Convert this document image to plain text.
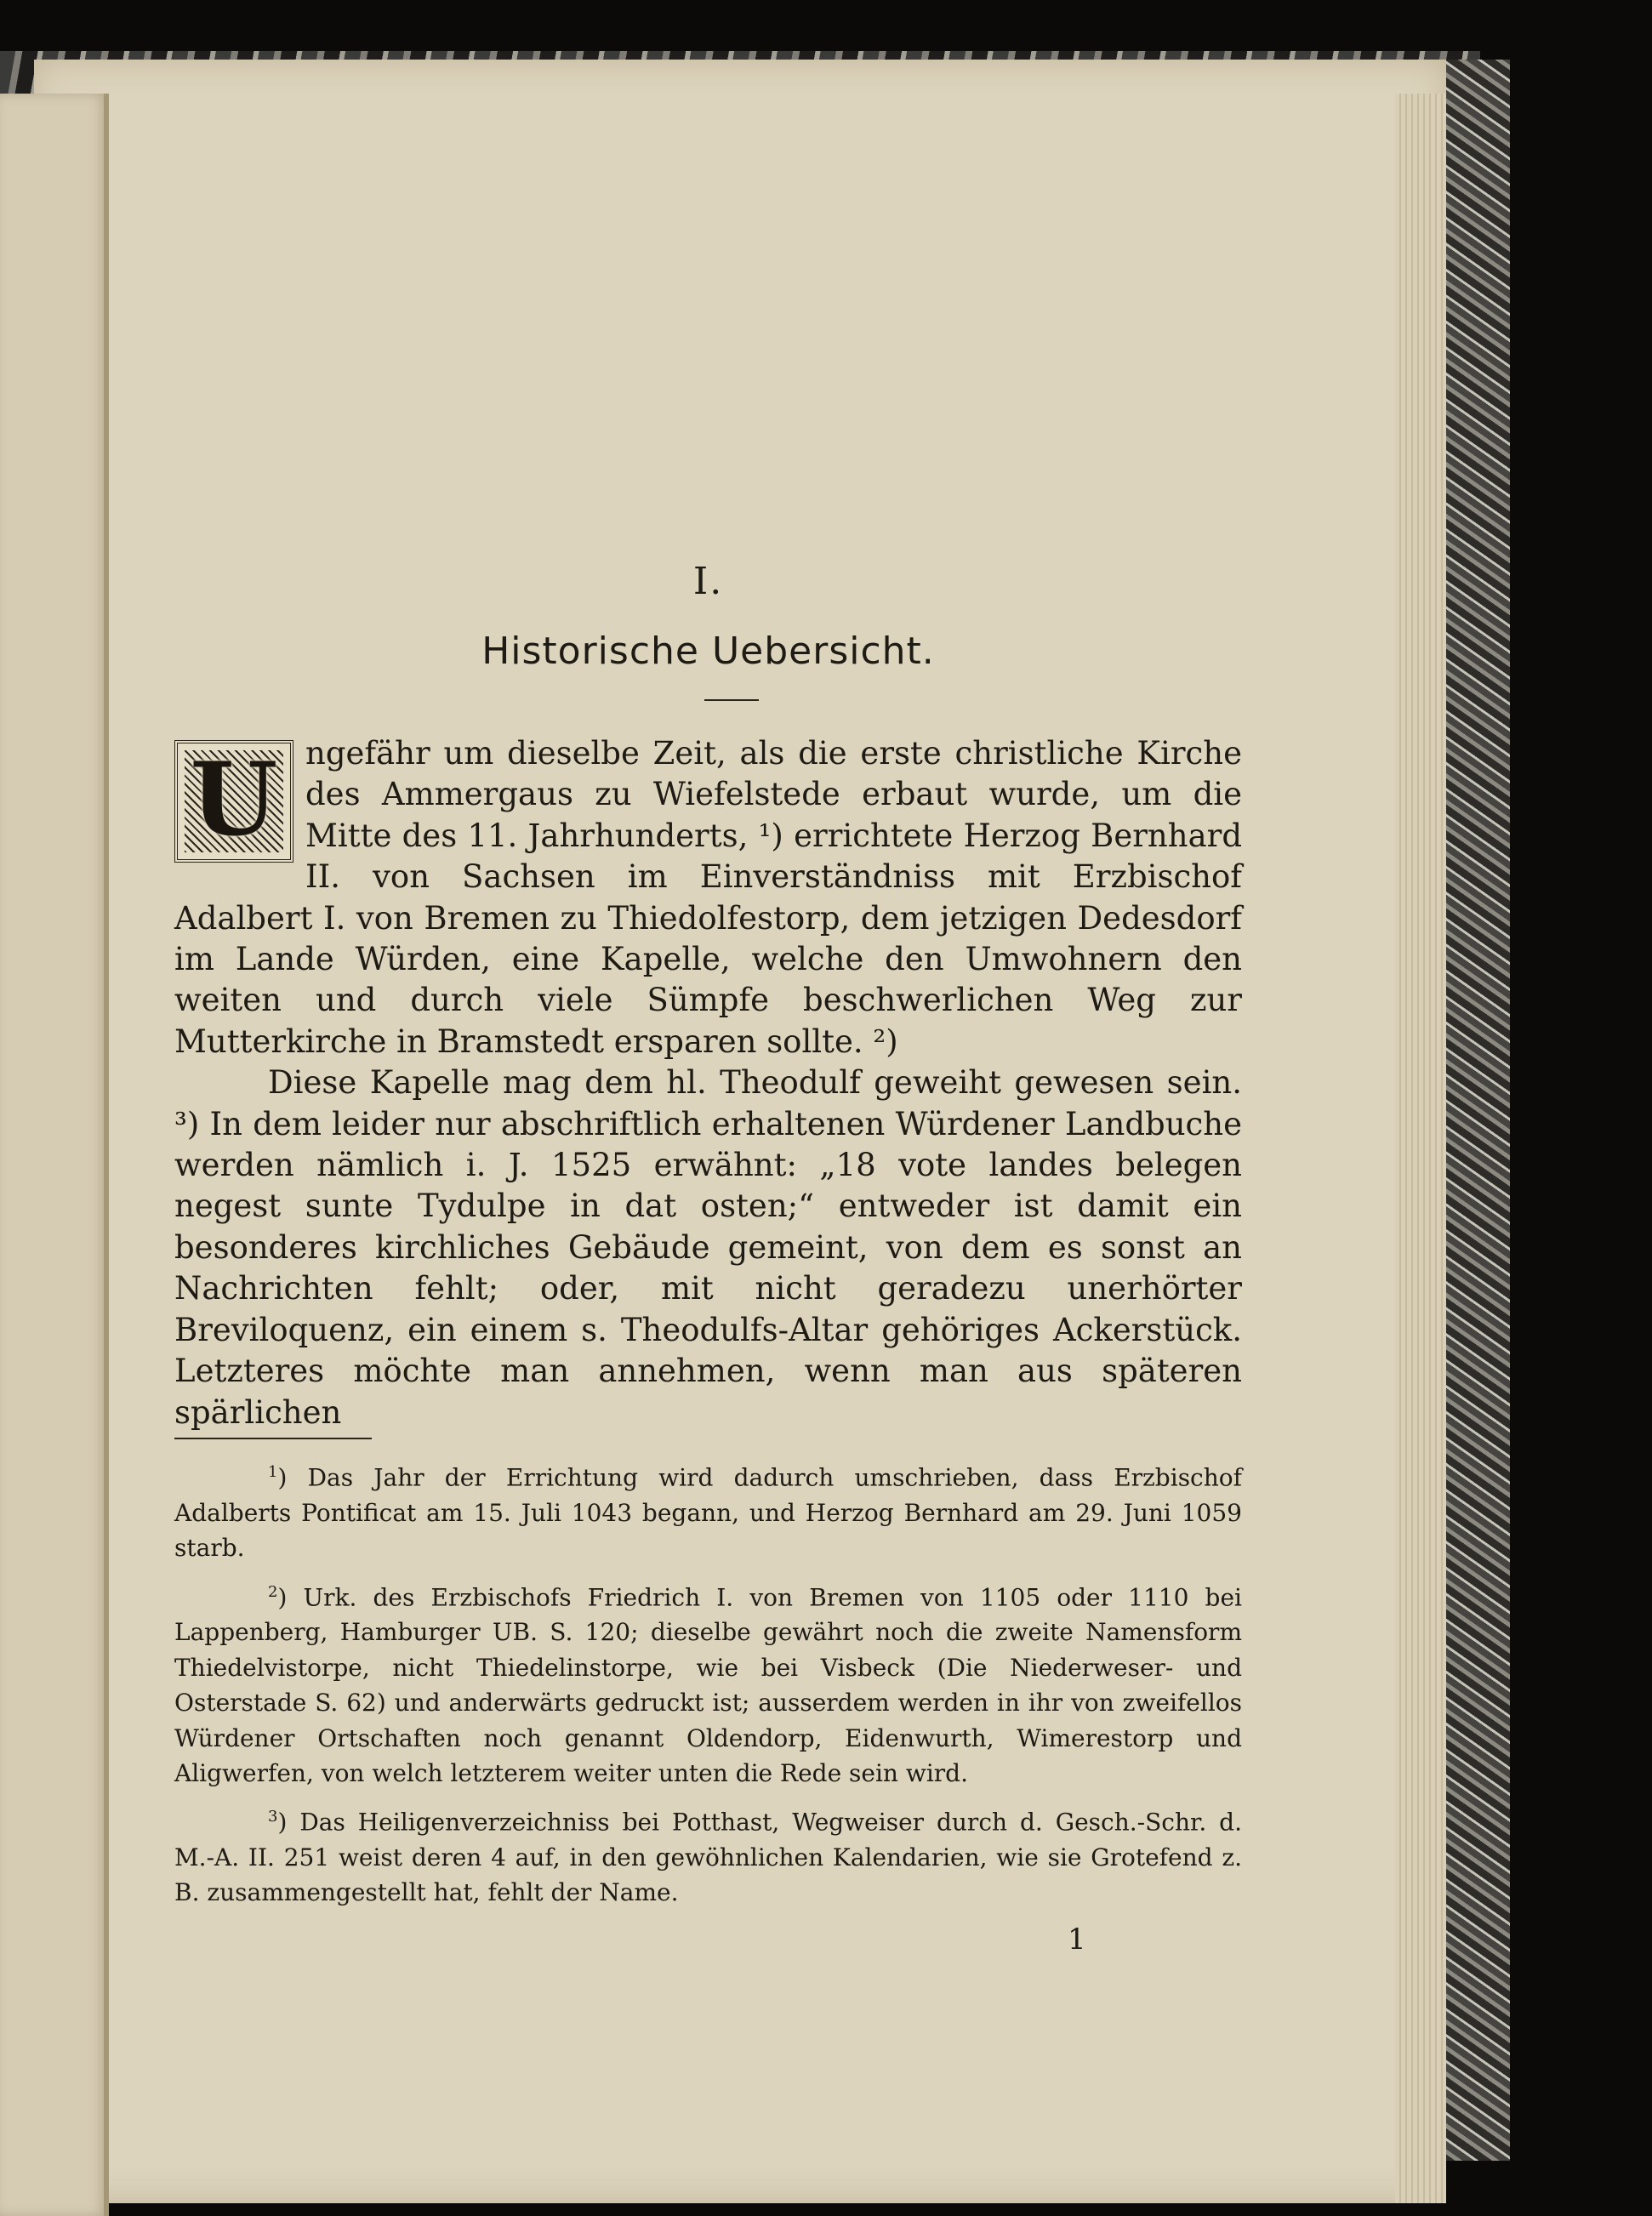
I.
Historische Uebersicht.

U ngefähr um dieselbe Zeit, als die erste christliche Kirche des Ammergaus zu Wiefelstede erbaut wurde, um die Mitte des 11. Jahrhunderts, ¹) errichtete Herzog Bernhard II. von Sachsen im Einverständniss mit Erzbischof Adalbert I. von Bremen zu Thiedolfestorp, dem jetzigen Dedesdorf im Lande Würden, eine Kapelle, welche den Umwohnern den weiten und durch viele Sümpfe beschwerlichen Weg zur Mutterkirche in Bramstedt ersparen sollte. ²)

Diese Kapelle mag dem hl. Theodulf geweiht gewesen sein. ³) In dem leider nur abschriftlich erhaltenen Würdener Landbuche werden nämlich i. J. 1525 erwähnt: „18 vote landes belegen negest sunte Tydulpe in dat osten;“ entweder ist damit ein besonderes kirchliches Gebäude gemeint, von dem es sonst an Nachrichten fehlt; oder, mit nicht geradezu unerhörter Breviloquenz, ein einem s. Theodulfs-Altar gehöriges Ackerstück. Letzteres möchte man annehmen, wenn man aus späteren spärlichen

$^1$) Das Jahr der Errichtung wird dadurch umschrieben, dass Erzbischof Adalberts Pontificat am 15. Juli 1043 begann, und Herzog Bernhard am 29. Juni 1059 starb.

$^2$) Urk. des Erzbischofs Friedrich I. von Bremen von 1105 oder 1110 bei Lappenberg, Hamburger UB. S. 120; dieselbe gewährt noch die zweite Namensform Thiedelvistorpe, nicht Thiedelinstorpe, wie bei Visbeck (Die Niederweser- und Osterstade S. 62) und anderwärts gedruckt ist; ausserdem werden in ihr von zweifellos Würdener Ortschaften noch genannt Oldendorp, Eidenwurth, Wimerestorp und Aligwerfen, von welch letzterem weiter unten die Rede sein wird.

$^3$) Das Heiligenverzeichniss bei Potthast, Wegweiser durch d. Gesch.-Schr. d. M.-A. II. 251 weist deren 4 auf, in den gewöhnlichen Kalendarien, wie sie Grotefend z. B. zusammengestellt hat, fehlt der Name.

1
